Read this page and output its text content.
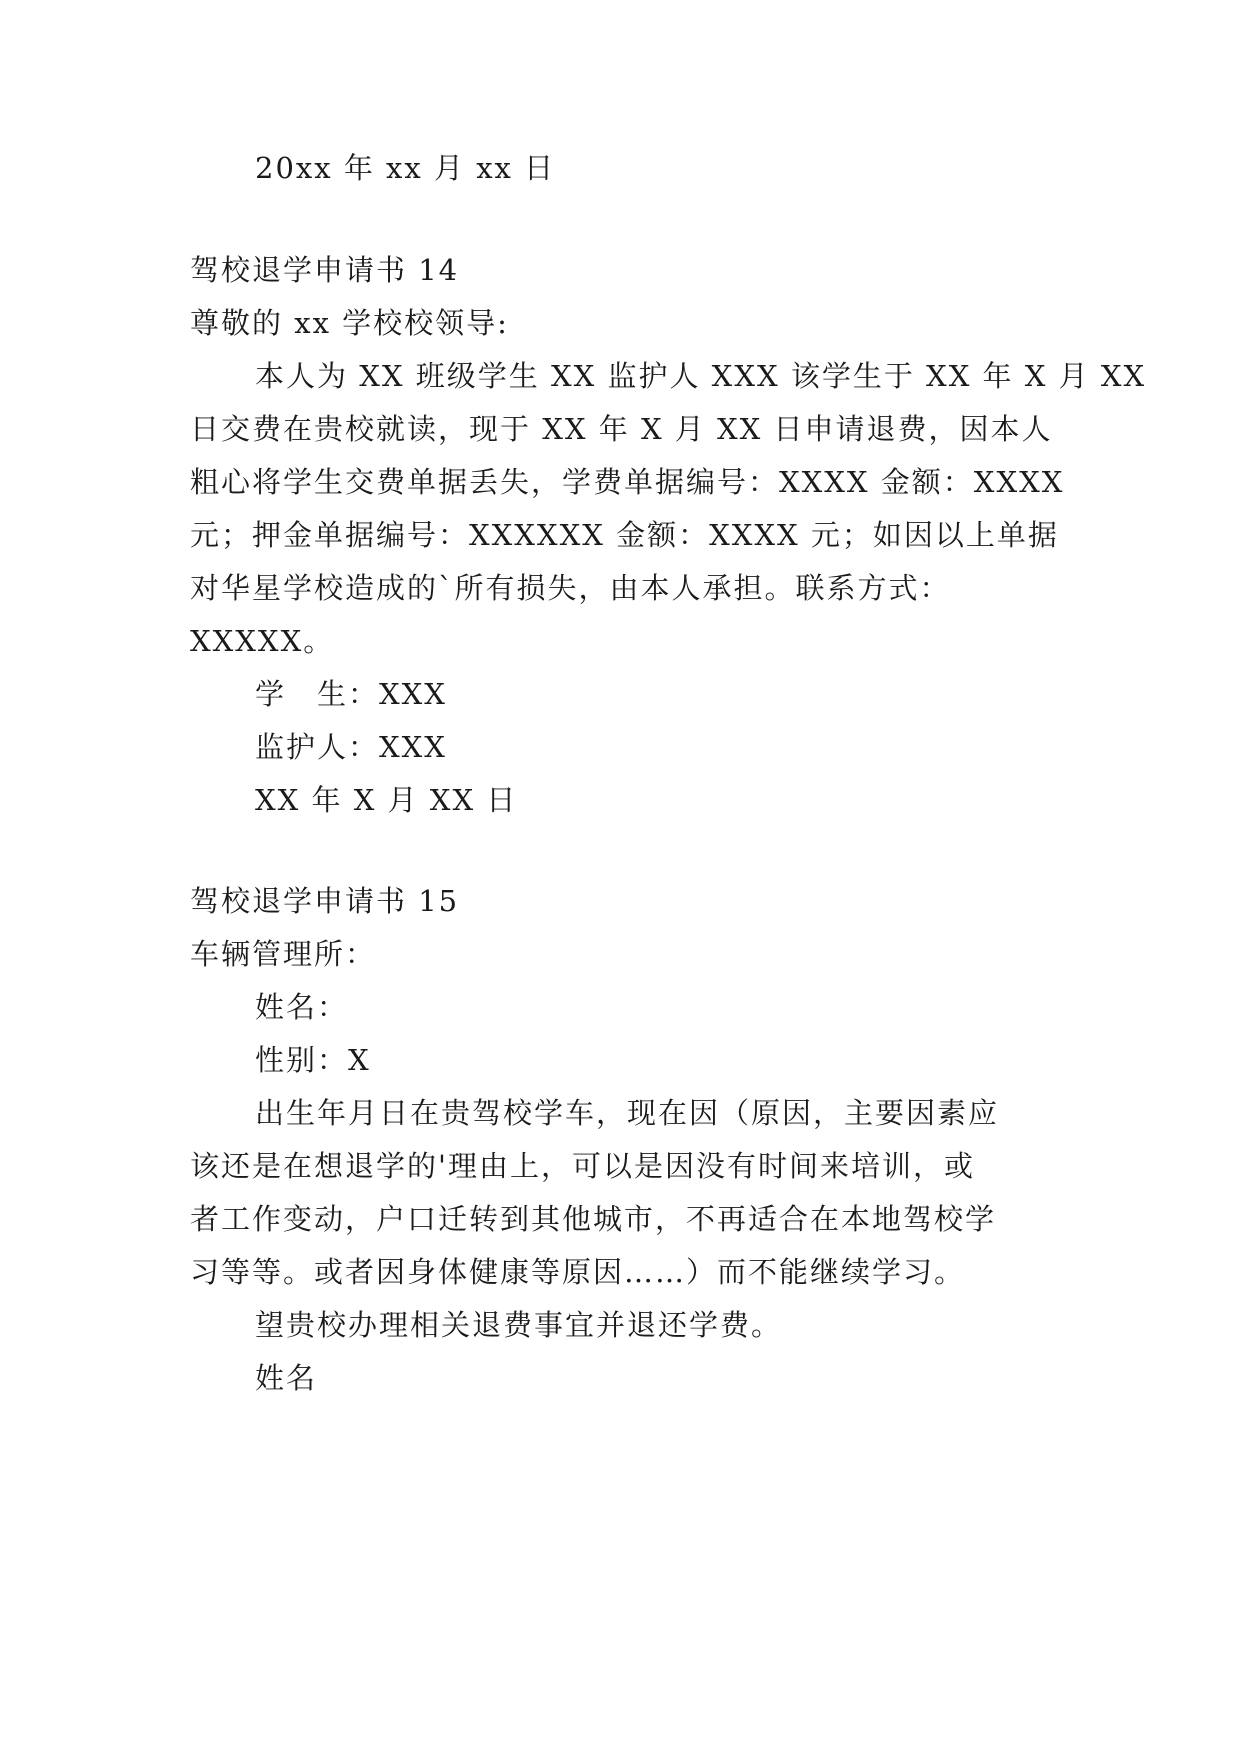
20xx 年 xx 月 xx 日
驾校退学申请书 14
尊敬的 xx 学校校领导:
本人为 XX 班级学生 XX 监护人 XXX 该学生于 XX 年 X 月 XX
日交费在贵校就读，现于 XX 年 X 月 XX 日申请退费，因本人
粗心将学生交费单据丢失，学费单据编号：XXXX 金额：XXXX
元；押金单据编号：XXXXXX 金额：XXXX 元；如因以上单据
对华星学校造成的`所有损失，由本人承担。联系方式：
XXXXX。
学　生：XXX
监护人：XXX
XX 年 X 月 XX 日
驾校退学申请书 15
车辆管理所：
姓名：
性别：X
出生年月日在贵驾校学车，现在因（原因，主要因素应
该还是在想退学的'理由上，可以是因没有时间来培训，或
者工作变动，户口迁转到其他城市，不再适合在本地驾校学
习等等。或者因身体健康等原因……）而不能继续学习。
望贵校办理相关退费事宜并退还学费。
姓名
